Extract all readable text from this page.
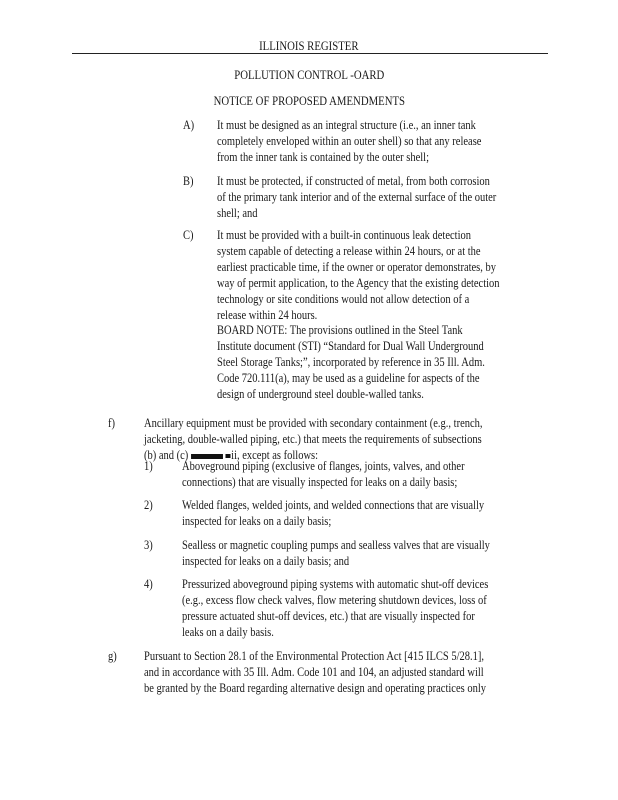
ILLINOIS REGISTER
POLLUTION CONTROL -OARD
NOTICE OF PROPOSED AMENDMENTS
A) It must be designed as an integral structure (i.e., an inner tank
completely enveloped within an outer shell) so that any release
from the inner tank is contained by the outer shell;
B) It must be protected, if constructed of metal, from both corrosion
of the primary tank interior and of the external surface of the outer
shell; and
C) It must be provided with a built-in continuous leak detection
system capable of detecting a release within 24 hours, or at the
earliest practicable time, if the owner or operator demonstrates, by
way of permit application, to the Agency that the existing detection
technology or site conditions would not allow detection of a
release within 24 hours.
BOARD NOTE: The provisions outlined in the Steel Tank
Institute document (STI) “Standard for Dual Wall Underground
Steel Storage Tanks;”, incorporated by reference in 35 Ill. Adm.
Code 720.111(a), may be used as a guideline for aspects of the
design of underground steel double-walled tanks.
f) Ancillary equipment must be provided with secondary containment (e.g., trench,
jacketing, double-walled piping, etc.) that meets the requirements of subsections
1) Aboveground piping (exclusive of flanges, joints, valves, and other
connections) that are visually inspected for leaks on a daily basis;
2) Welded flanges, welded joints, and welded connections that are visually
inspected for leaks on a daily basis;
3) Sealless or magnetic coupling pumps and sealless valves that are visually
inspected for leaks on a daily basis; and
4) Pressurized aboveground piping systems with automatic shut-off devices
(e.g., excess flow check valves, flow metering shutdown devices, loss of
pressure actuated shut-off devices, etc.) that are visually inspected for
leaks on a daily basis.
g) Pursuant to Section 28.1 of the Environmental Protection Act [415 ILCS 5/28.1],
and in accordance with 35 Ill. Adm. Code 101 and 104, an adjusted standard will
be granted by the Board regarding alternative design and operating practices only
(b) and (c)	ii, except as follows:
